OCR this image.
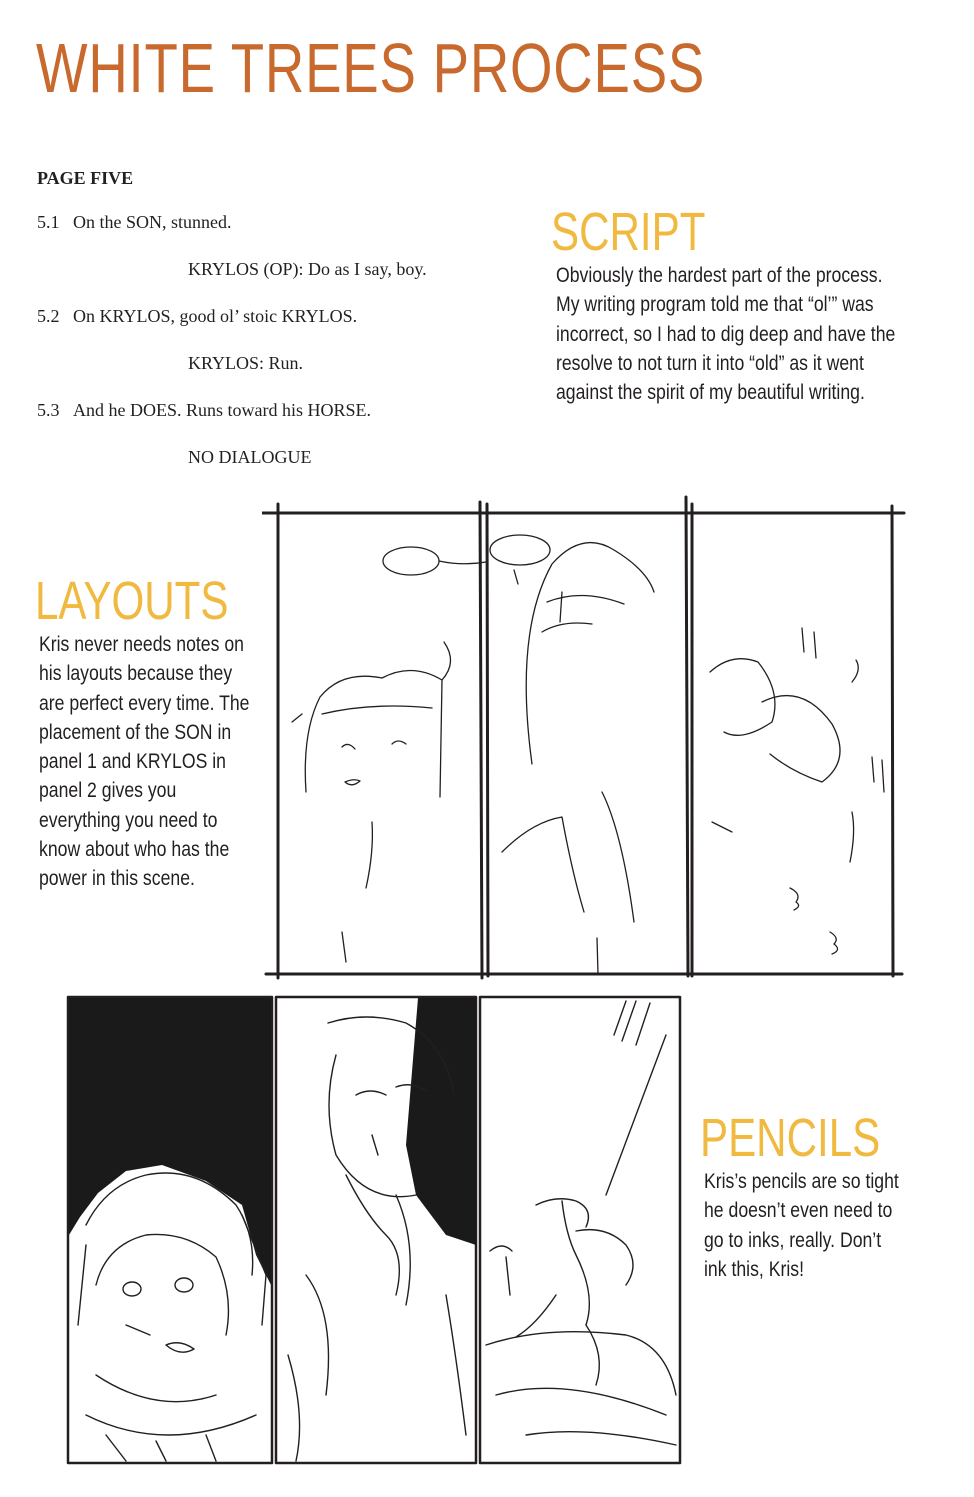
WHITE TREES PROCESS
PAGE FIVE
5.1 On the SON, stunned.
KRYLOS (OP): Do as I say, boy.
5.2 On KRYLOS, good ol’ stoic KRYLOS.
KRYLOS: Run.
5.3 And he DOES. Runs toward his HORSE.
NO DIALOGUE
SCRIPT
Obviously the hardest part of the process.
My writing program told me that “ol’” was
incorrect, so I had to dig deep and have the
resolve to not turn it into “old” as it went
against the spirit of my beautiful writing.
LAYOUTS
Kris never needs notes on
his layouts because they
are perfect every time. The
placement of the SON in
panel 1 and KRYLOS in
panel 2 gives you
everything you need to
know about who has the
power in this scene.
PENCILS
Kris’s pencils are so tight
he doesn’t even need to
go to inks, really. Don’t
ink this, Kris!
